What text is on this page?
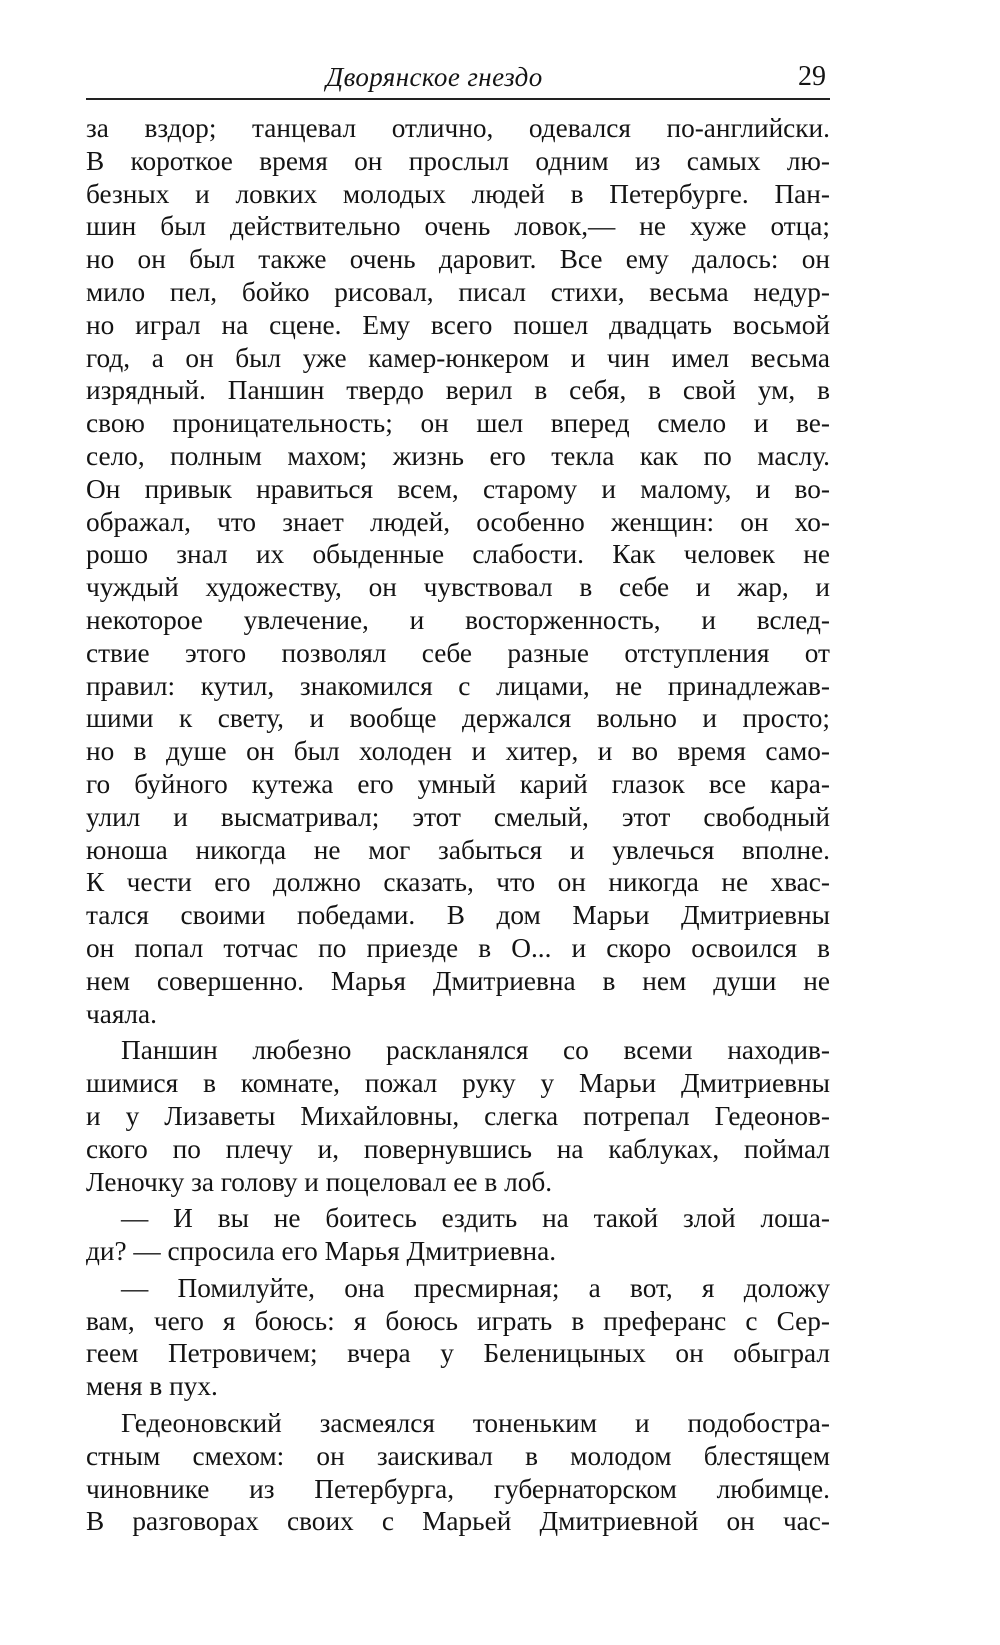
Дворянское гнездо	29
за вздор; танцевал отлично, одевался по-английски.
В короткое время он прослыл одним из самых лю-
безных и ловких молодых людей в Петербурге. Пан-
шин был действительно очень ловок,— не хуже отца;
но он был также очень даровит. Все ему далось: он
мило пел, бойко рисовал, писал стихи, весьма недур-
но играл на сцене. Ему всего пошел двадцать восьмой
год, а он был уже камер-юнкером и чин имел весьма
изрядный. Паншин твердо верил в себя, в свой ум, в
свою проницательность; он шел вперед смело и ве-
село, полным махом; жизнь его текла как по маслу.
Он привык нравиться всем, старому и малому, и во-
ображал, что знает людей, особенно женщин: он хо-
рошо знал их обыденные слабости. Как человек не
чуждый художеству, он чувствовал в себе и жар, и
некоторое увлечение, и восторженность, и вслед-
ствие этого позволял себе разные отступления от
правил: кутил, знакомился с лицами, не принадлежав-
шими к свету, и вообще держался вольно и просто;
но в душе он был холоден и хитер, и во время само-
го буйного кутежа его умный карий глазок все кара-
улил и высматривал; этот смелый, этот свободный
юноша никогда не мог забыться и увлечься вполне.
К чести его должно сказать, что он никогда не хвас-
тался своими победами. В дом Марьи Дмитриевны
он попал тотчас по приезде в О... и скоро освоился в
нем совершенно. Марья Дмитриевна в нем души не
чаяла.
Паншин любезно раскланялся со всеми находив-
шимися в комнате, пожал руку у Марьи Дмитриевны
и у Лизаветы Михайловны, слегка потрепал Гедеонов-
ского по плечу и, повернувшись на каблуках, поймал
Леночку за голову и поцеловал ее в лоб.
— И вы не боитесь ездить на такой злой лоша-
ди? — спросила его Марья Дмитриевна.
— Помилуйте, она пресмирная; а вот, я доложу
вам, чего я боюсь: я боюсь играть в преферанс с Сер-
геем Петровичем; вчера у Беленицыных он обыграл
меня в пух.
Гедеоновский засмеялся тоненьким и подобостра-
стным смехом: он заискивал в молодом блестящем
чиновнике из Петербурга, губернаторском любимце.
В разговорах своих с Марьей Дмитриевной он час-
